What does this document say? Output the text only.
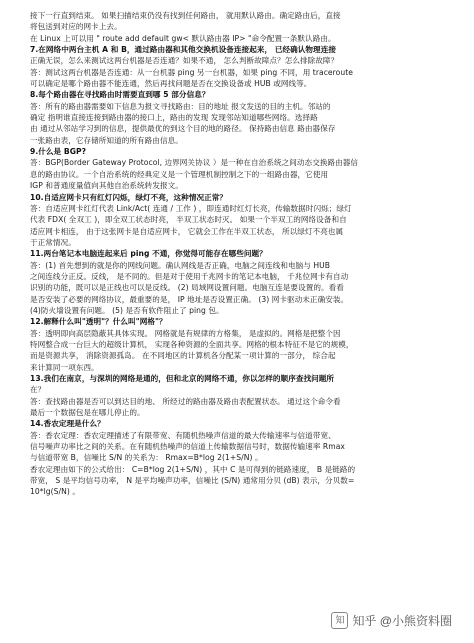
接下一行直到结束。 如果扫描结束仍没有找到任何路由， 就用默认路由。确定路由后，直接
将包送到对应的网卡上去。
在 Linux 上可以用 " route add default gw< 默认路由器 IP> "命令配置一条默认路由。
7.在网络中两台主机 A 和 B，通过路由器和其他交换机设备连接起来， 已经确认物理连接
正确无误，怎么来测试这两台机器是否连通？如果不通， 怎么判断故障点？怎么排除故障？
答：测试这两台机器是否连通：从一台机器 ping 另一台机器，如果 ping 不同，用 traceroute
可以确定是哪个路由器不能连通，然后再找问题是否在交换设备或 HUB 或网线等。
8.每个路由器在寻找路由时需要直到哪 5 部分信息？
答：所有的路由器需要如下信息为报文寻找路由：目的地址 报文发送的目的主机。邻站的
确定 指明谁直接连接到路由器的接口上，路由的发现 发现邻站知道哪些网络。选择路
由 通过从邻站学习到的信息，提供最优的到这个目的地的路径。 保持路由信息 路由器保存
一张路由表，它存储所知道的所有路由信息。
9.什么是 BGP?
答：BGP(Border Gateway Protocol, 边界网关协议 ）是一种在自治系统之间动态交换路由器信
息的路由协议。一个自治系统的经典定义是一个管理机制控制之下的一组路由器，它使用
IGP 和普通度量值向其他自治系统转发报文。
10.自适应网卡只有红灯闪烁，绿灯不亮，这种情况正常？
答：自适应网卡红灯代表 Link/Act( 连通 / 工作 ) ，即连通时红灯长亮，传输数据时闪烁；绿灯
代表 FDX( 全双工 )，即全双工状态时亮， 半双工状态时灭。 如果一个半双工的网络设备和自
适应网卡相连， 由于这张网卡是自适应网卡， 它就会工作在半双工状态， 所以绿灯不亮也属
于正常情况。
11.两台笔记本电脑连起来后 ping 不通，你觉得可能存在哪些问题？
答：(1) 首先想到的就是你的网线问题。确认网线是否正确，电脑之间连线和电脑与 HUB
之间连线分正反。反线， 是不同的。但是对于使用千兆网卡的笔记本电脑， 千兆位网卡有自动
识别的功能，既可以是正线也可以是反线。 (2) 局域网设置问题。电脑互连是要设置的。看看
是否安装了必要的网络协议，最重要的是， IP 地址是否设置正确。 (3) 网卡驱动未正确安装。
(4)防火墙设置有问题。 (5) 是否有软件阻止了 ping 包。
12.解释什么叫"透明"？什么叫"网格"？
答：透明即向高层隐蔽其具体实现。 网格就是有规律的方格集， 是虚拟的。网格是把整个因
特网整合成一台巨大的超级计算机， 实现各种资源的全面共享。网格的根本特征不是它的规模，
而是资源共享， 消除资源孤岛。 在不同地区的计算机各分配某一项计算的一部分， 综合起
来计算同一项东西。
13.我们在南京，与深圳的网络是通的，但和北京的网络不通，你以怎样的顺序查找问题所
在？
答：查找路由器是否可以到达目的地、 所经过的路由器及路由表配置状态。 通过这个命令看
最后一个数据包是在哪儿停止的。
14.香农定理是什么？
答：香农定理：香农定理描述了有限带宽、有随机热噪声信道的最大传输速率与信道带宽、
信号噪声功率比之间的关系。在有随机热噪声的信道上传输数据信号时，数据传输速率 Rmax
与信道带宽 B，信噪比 S/N 的关系为： Rmax=B*log 2(1+S/N) 。
香农定理由如下的公式给出： C=B*log 2(1+S/N) ，其中 C 是可得到的链路速度， B 是链路的
带宽， S 是平均信号功率， N 是平均噪声功率，信噪比 (S/N) 通常用分贝 (dB) 表示，分贝数=
10*lg(S/N) 。
知 知乎 @小熊资料圈
